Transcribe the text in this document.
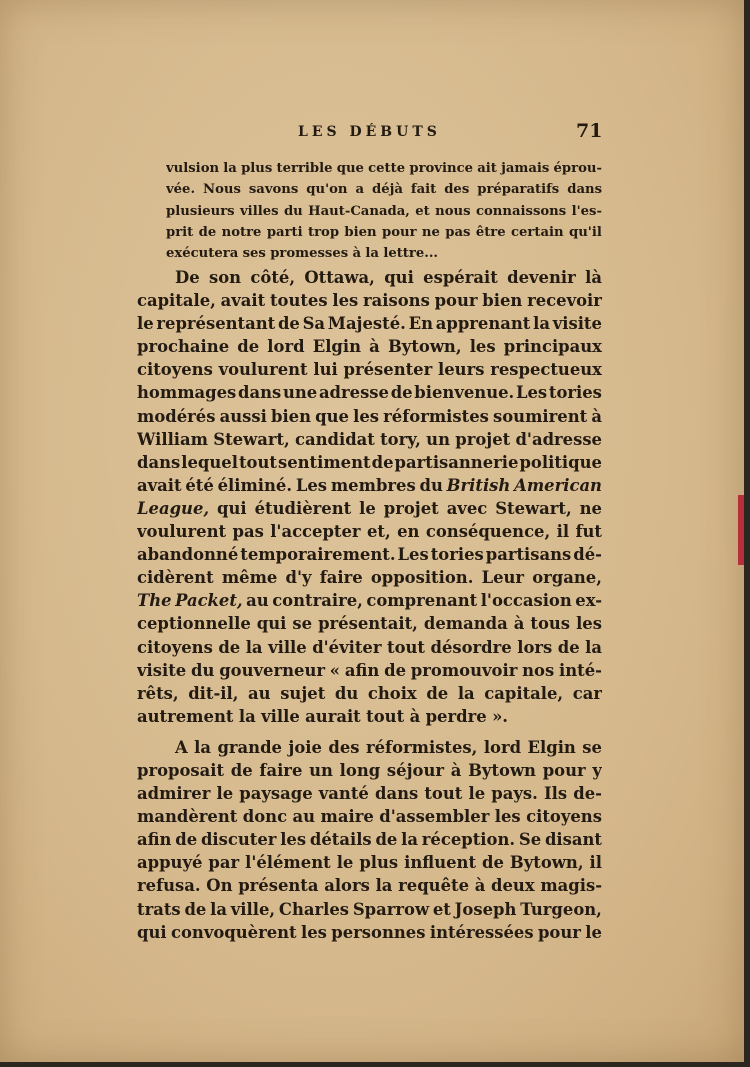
LES DÉBUTS	71
vulsion la plus terrible que cette province ait jamais éprou-
vée. Nous savons qu'on a déjà fait des préparatifs dans
plusieurs villes du Haut-Canada, et nous connaissons l'es-
prit de notre parti trop bien pour ne pas être certain qu'il
exécutera ses promesses à la lettre...
De son côté, Ottawa, qui espérait devenir là
capitale, avait toutes les raisons pour bien recevoir
le représentant de Sa Majesté. En apprenant la visite
prochaine de lord Elgin à Bytown, les principaux
citoyens voulurent lui présenter leurs respectueux
hommages dans une adresse de bienvenue. Les tories
modérés aussi bien que les réformistes soumirent à
William Stewart, candidat tory, un projet d'adresse
dans lequel tout sentiment de partisannerie politique
avait été éliminé. Les membres du British American
League, qui étudièrent le projet avec Stewart, ne
voulurent pas l'accepter et, en conséquence, il fut
abandonné temporairement. Les tories partisans dé-
cidèrent même d'y faire opposition. Leur organe,
The Packet, au contraire, comprenant l'occasion ex-
ceptionnelle qui se présentait, demanda à tous les
citoyens de la ville d'éviter tout désordre lors de la
visite du gouverneur « afin de promouvoir nos inté-
rêts, dit-il, au sujet du choix de la capitale, car
autrement la ville aurait tout à perdre ».
A la grande joie des réformistes, lord Elgin se
proposait de faire un long séjour à Bytown pour y
admirer le paysage vanté dans tout le pays. Ils de-
mandèrent donc au maire d'assembler les citoyens
afin de discuter les détails de la réception. Se disant
appuyé par l'élément le plus influent de Bytown, il
refusa. On présenta alors la requête à deux magis-
trats de la ville, Charles Sparrow et Joseph Turgeon,
qui convoquèrent les personnes intéressées pour le
